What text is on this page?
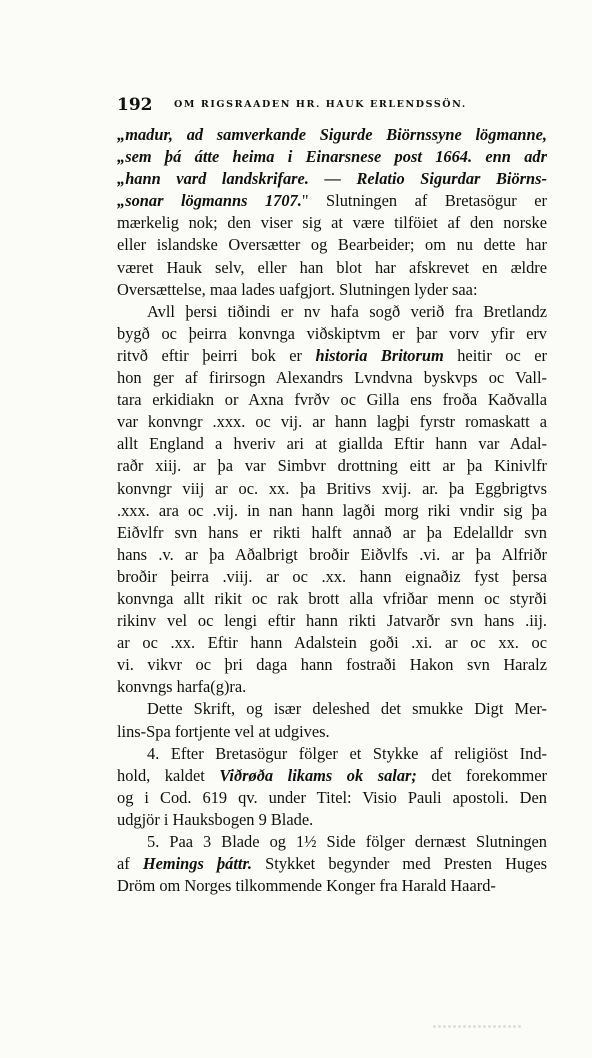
192 OM RIGSRAADEN HR. HAUK ERLENDSSÖN.
„madur, ad samverkande Sigurde Biörnssyne lögmanne,
„sem þá átte heima i Einarsnese post 1664. enn adr
„hann vard landskrifare. — Relatio Sigurdar Biörns-
„sonar lögmanns 1707." Slutningen af Bretasögur er
mærkelig nok; den viser sig at være tilföiet af den norske
eller islandske Oversætter og Bearbeider; om nu dette har
været Hauk selv, eller han blot har afskrevet en ældre
Oversættelse, maa lades uafgjort. Slutningen lyder saa:
Avll þersi tiðindi er nv hafa sogð verið fra Bretlandz
bygð oc þeirra konvnga viðskiptvm er þar vorv yfir erv
ritvð eftir þeirri bok er historia Britorum heitir oc er
hon ger af firirsogn Alexandrs Lvndvna byskvps oc Vall-
tara erkidiakn or Axna fvrðv oc Gilla ens froða Kaðvalla
var konvngr .xxx. oc vij. ar hann lagþi fyrstr romaskatt a
allt England a hveriv ari at giallda Eftir hann var Adal-
raðr xiij. ar þa var Simbvr drottning eitt ar þa Kinivlfr
konvngr viij ar oc. xx. þa Britivs xvij. ar. þa Eggbrigtvs
.xxx. ara oc .vij. in nan hann lagði morg riki vndir sig þa
Eiðvlfr svn hans er rikti halft annað ar þa Edelalldr svn
hans .v. ar þa Aðalbrigt broðir Eiðvlfs .vi. ar þa Alfriðr
broðir þeirra .viij. ar oc .xx. hann eignaðiz fyst þersa
konvnga allt rikit oc rak brott alla vfriðar menn oc styrði
rikinv vel oc lengi eftir hann rikti Jatvarðr svn hans .iij.
ar oc .xx. Eftir hann Adalstein goði .xi. ar oc xx. oc
vi. vikvr oc þri daga hann fostraði Hakon svn Haralz
konvngs harfa(g)ra.
Dette Skrift, og især deleshed det smukke Digt Mer-
lins-Spa fortjente vel at udgives.
4. Efter Bretasögur fölger et Stykke af religiöst Ind-
hold, kaldet Viðrøða likams ok salar; det forekommer
og i Cod. 619 qv. under Titel: Visio Pauli apostoli. Den
udgjör i Hauksbogen 9 Blade.
5. Paa 3 Blade og 1½ Side fölger dernæst Slutningen
af Hemings þáttr. Stykket begynder med Presten Huges
Dröm om Norges tilkommende Konger fra Harald Haard-
